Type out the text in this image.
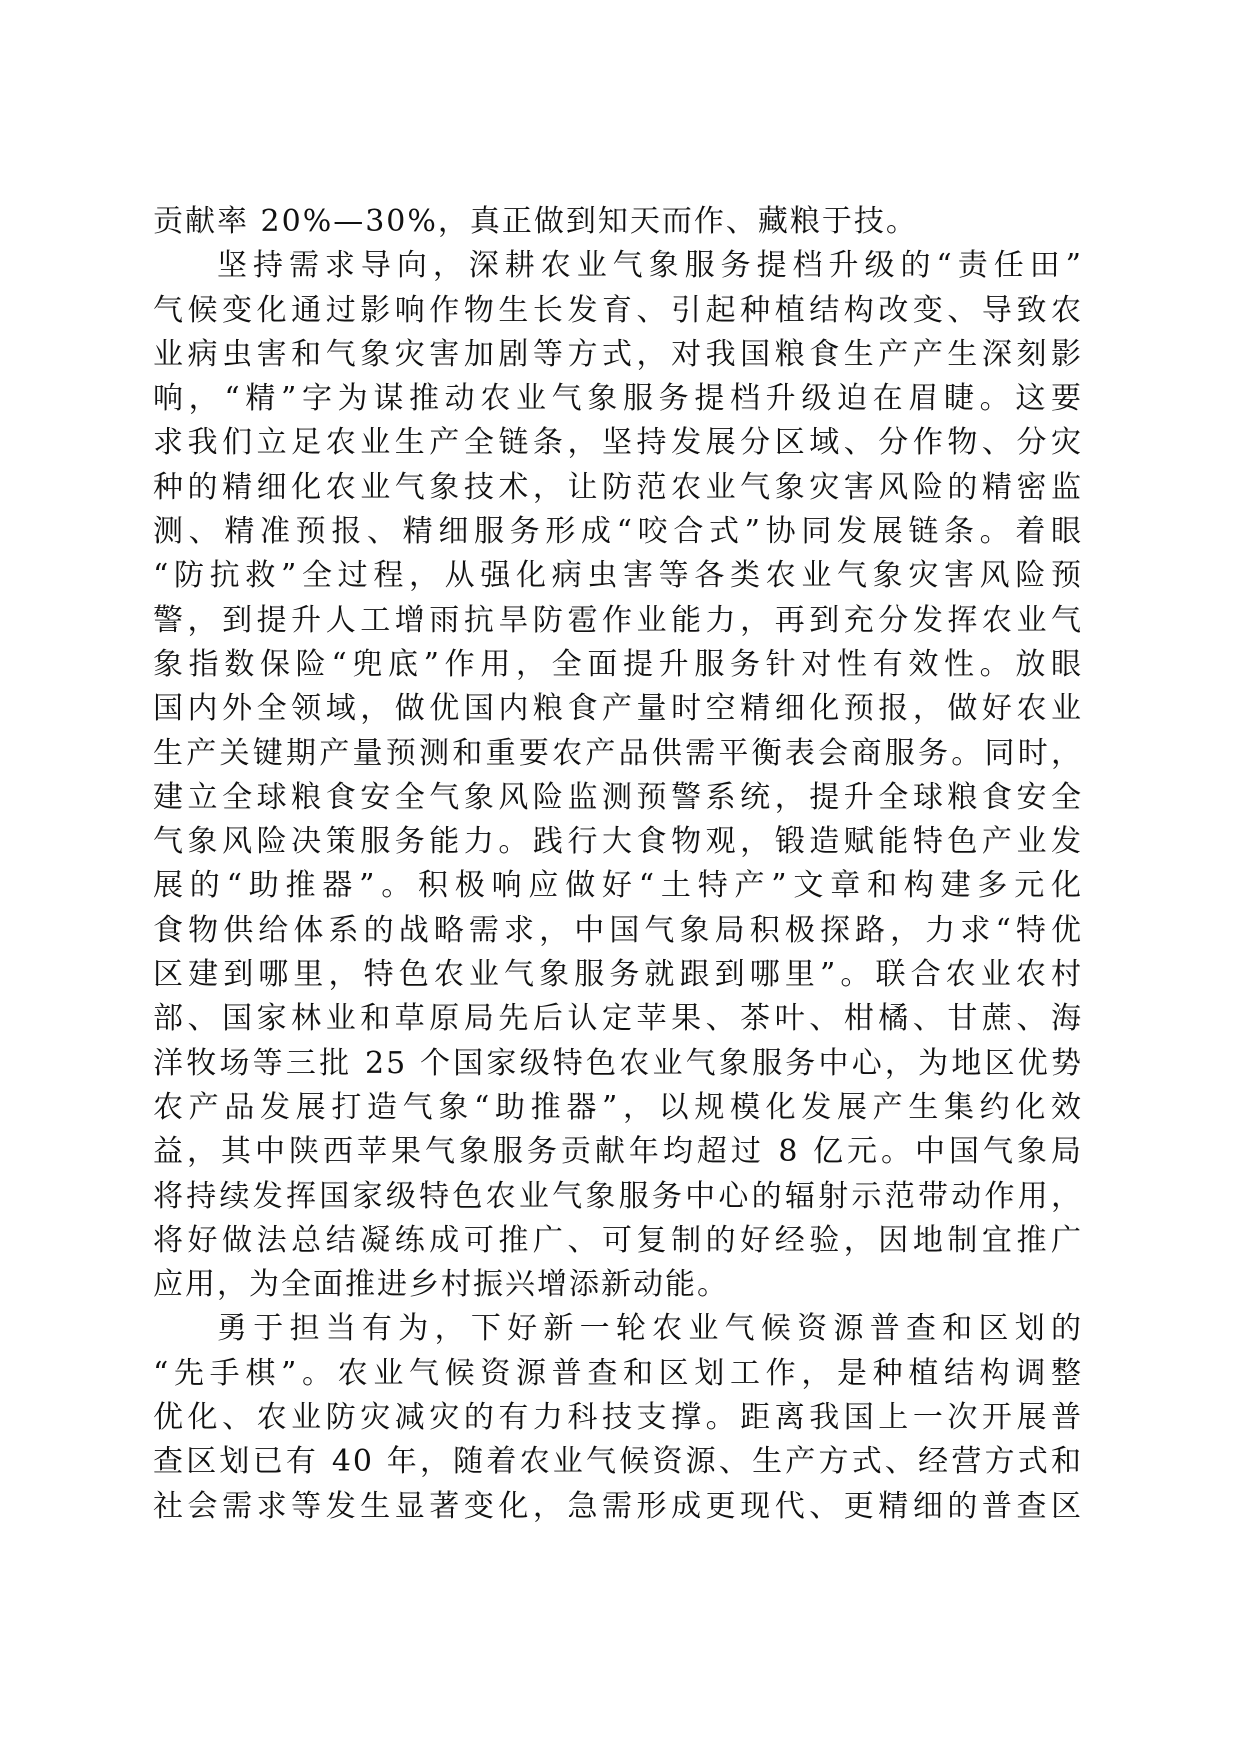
贡献率 20%—30%，真正做到知天而作、藏粮于技。
坚持需求导向，深耕农业气象服务提档升级的“责任田”
气候变化通过影响作物生长发育、引起种植结构改变、导致农
业病虫害和气象灾害加剧等方式，对我国粮食生产产生深刻影
响，“精”字为谋推动农业气象服务提档升级迫在眉睫。这要
求我们立足农业生产全链条，坚持发展分区域、分作物、分灾
种的精细化农业气象技术，让防范农业气象灾害风险的精密监
测、精准预报、精细服务形成“咬合式”协同发展链条。着眼
“防抗救”全过程，从强化病虫害等各类农业气象灾害风险预
警，到提升人工增雨抗旱防雹作业能力，再到充分发挥农业气
象指数保险“兜底”作用，全面提升服务针对性有效性。放眼
国内外全领域，做优国内粮食产量时空精细化预报，做好农业
生产关键期产量预测和重要农产品供需平衡表会商服务。同时，
建立全球粮食安全气象风险监测预警系统，提升全球粮食安全
气象风险决策服务能力。践行大食物观，锻造赋能特色产业发
展的“助推器”。积极响应做好“土特产”文章和构建多元化
食物供给体系的战略需求，中国气象局积极探路，力求“特优
区建到哪里，特色农业气象服务就跟到哪里”。联合农业农村
部、国家林业和草原局先后认定苹果、茶叶、柑橘、甘蔗、海
洋牧场等三批 25 个国家级特色农业气象服务中心，为地区优势
农产品发展打造气象“助推器”，以规模化发展产生集约化效
益，其中陕西苹果气象服务贡献年均超过 8 亿元。中国气象局
将持续发挥国家级特色农业气象服务中心的辐射示范带动作用，
将好做法总结凝练成可推广、可复制的好经验，因地制宜推广
应用，为全面推进乡村振兴增添新动能。
勇于担当有为，下好新一轮农业气候资源普查和区划的
“先手棋”。农业气候资源普查和区划工作，是种植结构调整
优化、农业防灾减灾的有力科技支撑。距离我国上一次开展普
查区划已有 40 年，随着农业气候资源、生产方式、经营方式和
社会需求等发生显著变化，急需形成更现代、更精细的普查区
